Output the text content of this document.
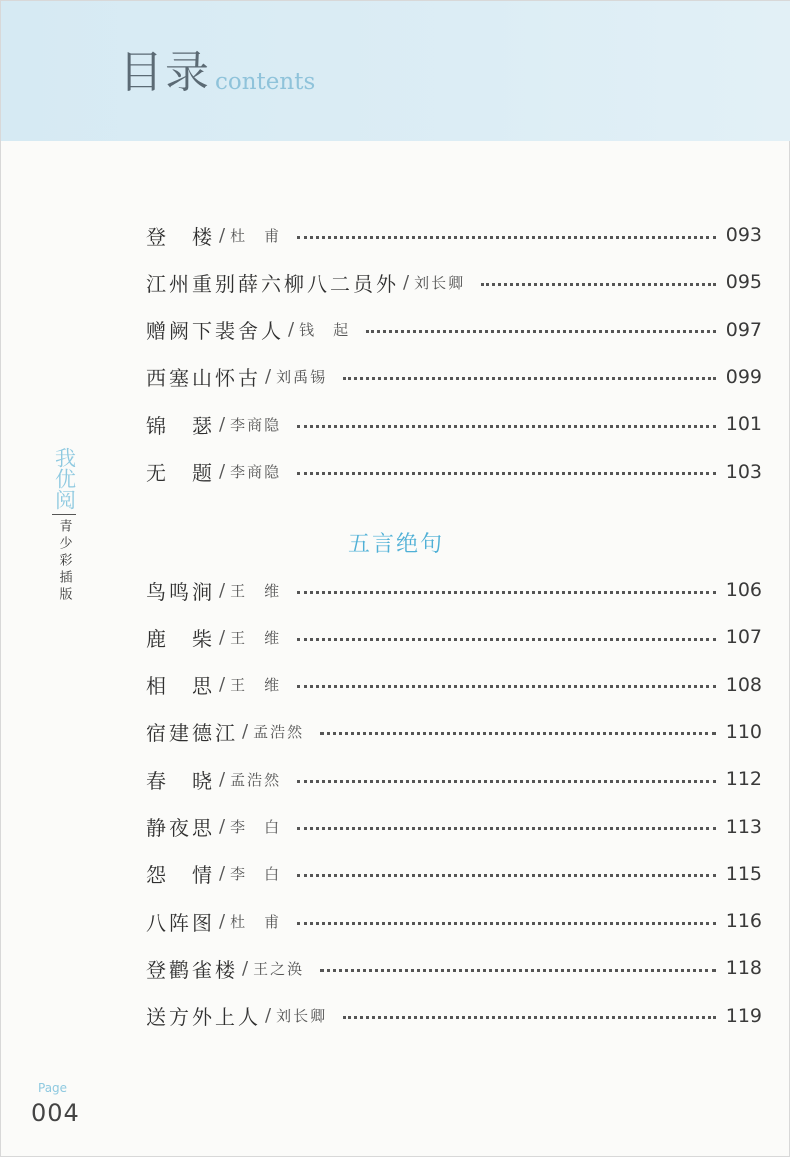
目录 contents
我优阅
青少彩插版
登　楼 / 杜　甫	093
江州重别薛六柳八二员外 / 刘长卿	095
赠阙下裴舍人 / 钱　起	097
西塞山怀古 / 刘禹锡	099
锦　瑟 / 李商隐	101
无　题 / 李商隐	103
五言绝句
鸟鸣涧 / 王　维	106
鹿　柴 / 王　维	107
相　思 / 王　维	108
宿建德江 / 孟浩然	110
春　晓 / 孟浩然	112
静夜思 / 李　白	113
怨　情 / 李　白	115
八阵图 / 杜　甫	116
登鹳雀楼 / 王之涣	118
送方外上人 / 刘长卿	119
Page
004
